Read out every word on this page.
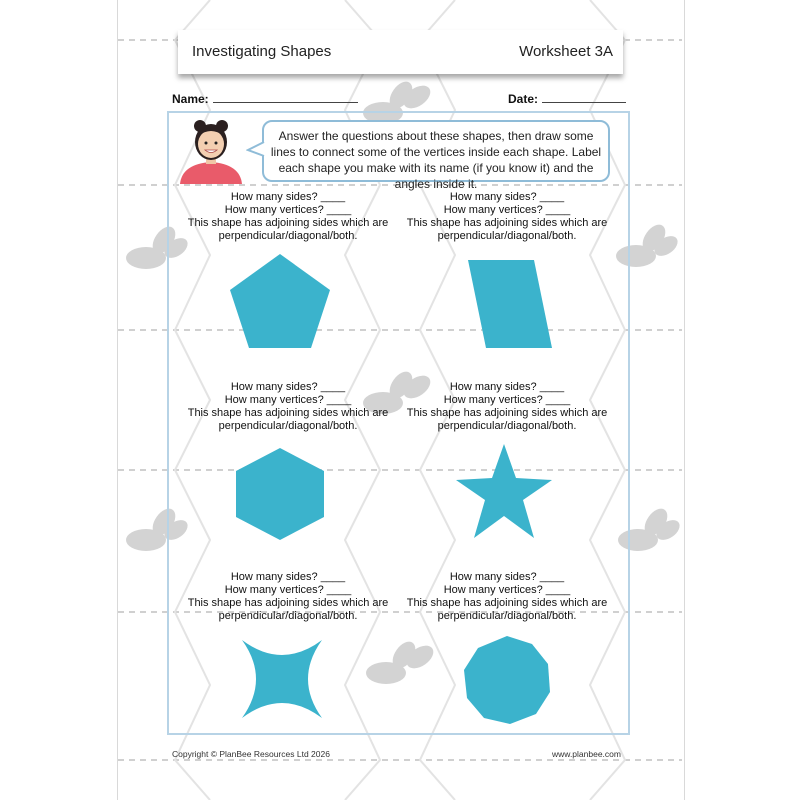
Investigating Shapes	Worksheet 3A
Name:	Date:
Answer the questions about these shapes, then draw some lines to connect some of the vertices inside each shape. Label each shape you make with its name (if you know it) and the angles inside it.
How many sides? ____
How many vertices? ____
This shape has adjoining sides which are
perpendicular/diagonal/both.
How many sides? ____
How many vertices? ____
This shape has adjoining sides which are
perpendicular/diagonal/both.
How many sides? ____
How many vertices? ____
This shape has adjoining sides which are
perpendicular/diagonal/both.
How many sides? ____
How many vertices? ____
This shape has adjoining sides which are
perpendicular/diagonal/both.
How many sides? ____
How many vertices? ____
This shape has adjoining sides which are
perpendicular/diagonal/both.
How many sides? ____
How many vertices? ____
This shape has adjoining sides which are
perpendicular/diagonal/both.
Copyright © PlanBee Resources Ltd 2026	www.planbee.com
